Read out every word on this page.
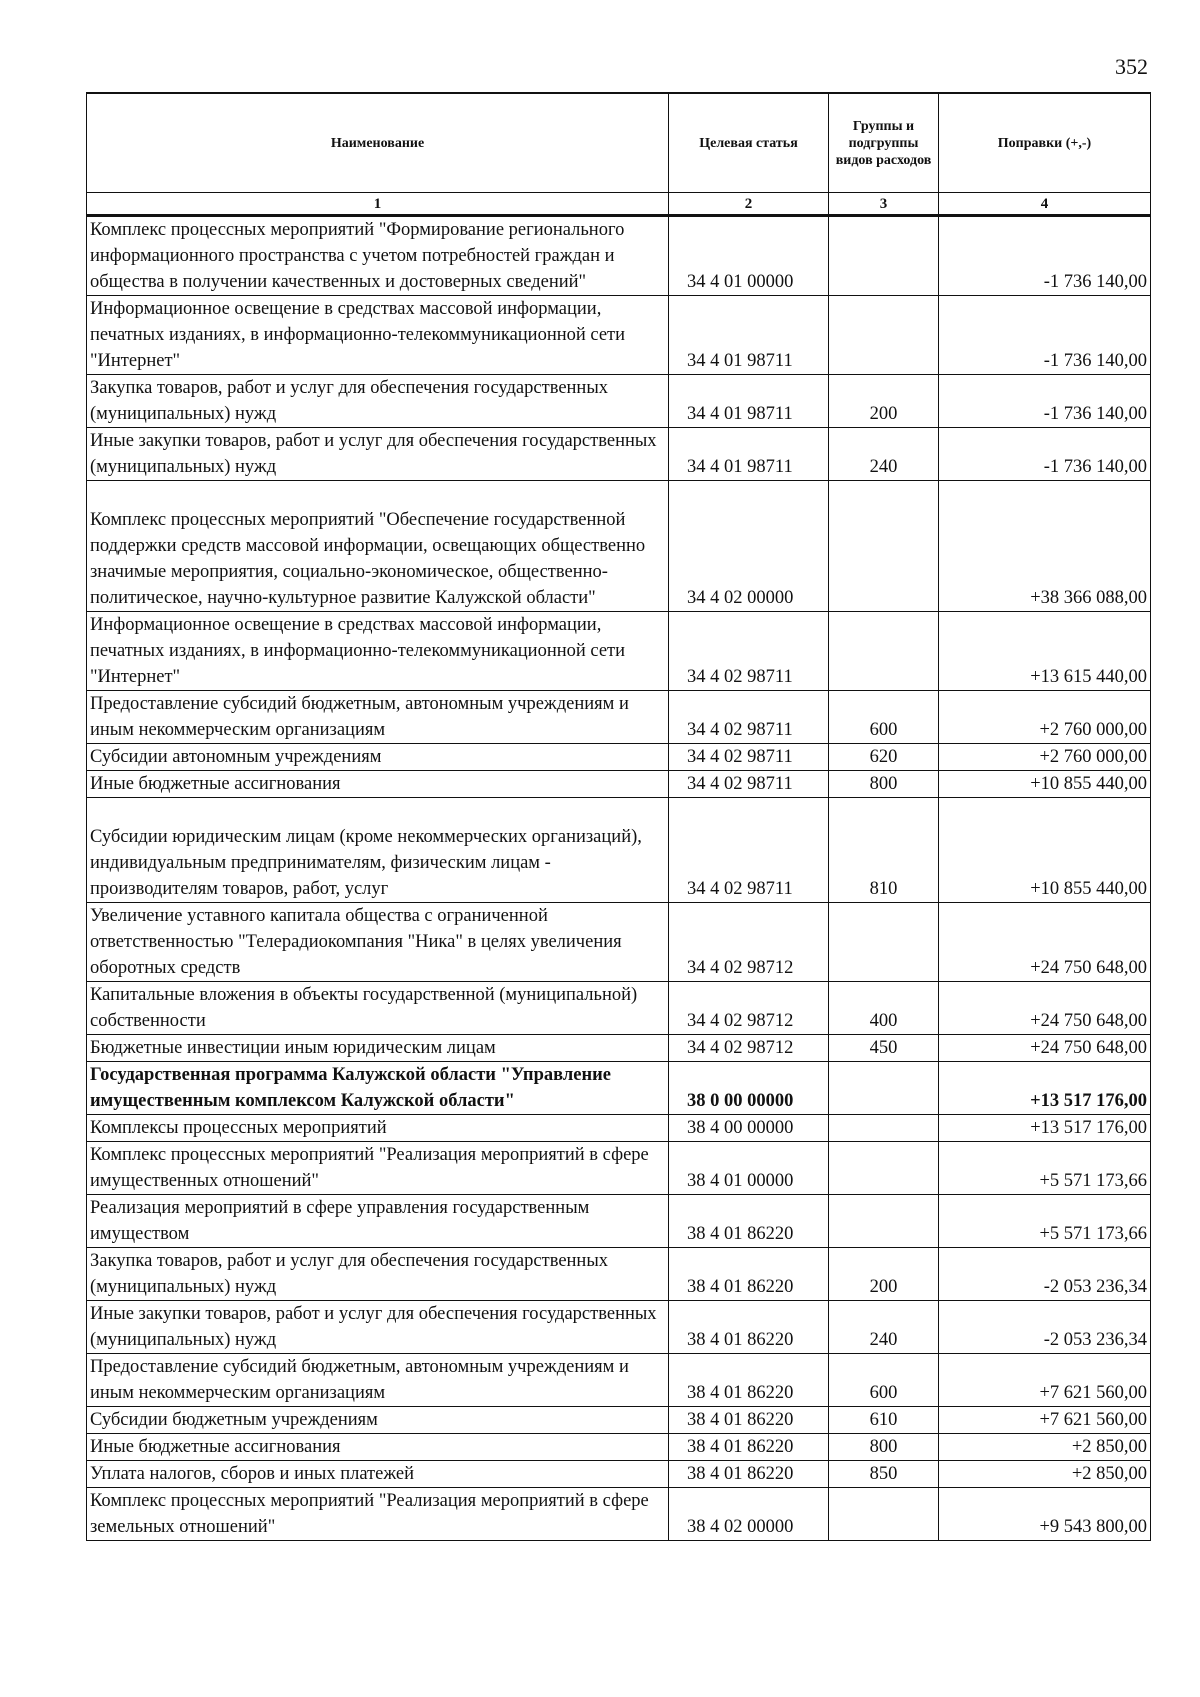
352
Наименование	Целевая статья	Группы и подгруппы видов расходов	Поправки (+,-)
1	2	3	4
Комплекс процессных мероприятий "Формирование регионального информационного пространства с учетом потребностей граждан и общества в получении качественных и достоверных сведений"	34 4 01 00000		-1 736 140,00
Информационное освещение в средствах массовой информации, печатных изданиях, в информационно-телекоммуникационной сети "Интернет"	34 4 01 98711		-1 736 140,00
Закупка товаров, работ и услуг для обеспечения государственных (муниципальных) нужд	34 4 01 98711	200	-1 736 140,00
Иные закупки товаров, работ и услуг для обеспечения государственных (муниципальных) нужд	34 4 01 98711	240	-1 736 140,00
Комплекс процессных мероприятий "Обеспечение государственной поддержки средств массовой информации, освещающих общественно значимые мероприятия, социально-экономическое, общественно-политическое, научно-культурное развитие Калужской области"	34 4 02 00000		+38 366 088,00
Информационное освещение в средствах массовой информации, печатных изданиях, в информационно-телекоммуникационной сети "Интернет"	34 4 02 98711		+13 615 440,00
Предоставление субсидий бюджетным, автономным учреждениям и иным некоммерческим организациям	34 4 02 98711	600	+2 760 000,00
Субсидии автономным учреждениям	34 4 02 98711	620	+2 760 000,00
Иные бюджетные ассигнования	34 4 02 98711	800	+10 855 440,00
Субсидии юридическим лицам (кроме некоммерческих организаций), индивидуальным предпринимателям, физическим лицам - производителям товаров, работ, услуг	34 4 02 98711	810	+10 855 440,00
Увеличение уставного капитала общества с ограниченной ответственностью "Телерадиокомпания "Ника" в целях увеличения оборотных средств	34 4 02 98712		+24 750 648,00
Капитальные вложения в объекты государственной (муниципальной) собственности	34 4 02 98712	400	+24 750 648,00
Бюджетные инвестиции иным юридическим лицам	34 4 02 98712	450	+24 750 648,00
Государственная программа Калужской области "Управление имущественным комплексом Калужской области"	38 0 00 00000		+13 517 176,00
Комплексы процессных мероприятий	38 4 00 00000		+13 517 176,00
Комплекс процессных мероприятий "Реализация мероприятий в сфере имущественных отношений"	38 4 01 00000		+5 571 173,66
Реализация мероприятий в сфере управления государственным имуществом	38 4 01 86220		+5 571 173,66
Закупка товаров, работ и услуг для обеспечения государственных (муниципальных) нужд	38 4 01 86220	200	-2 053 236,34
Иные закупки товаров, работ и услуг для обеспечения государственных (муниципальных) нужд	38 4 01 86220	240	-2 053 236,34
Предоставление субсидий бюджетным, автономным учреждениям и иным некоммерческим организациям	38 4 01 86220	600	+7 621 560,00
Субсидии бюджетным учреждениям	38 4 01 86220	610	+7 621 560,00
Иные бюджетные ассигнования	38 4 01 86220	800	+2 850,00
Уплата налогов, сборов и иных платежей	38 4 01 86220	850	+2 850,00
Комплекс процессных мероприятий "Реализация мероприятий в сфере земельных отношений"	38 4 02 00000		+9 543 800,00
